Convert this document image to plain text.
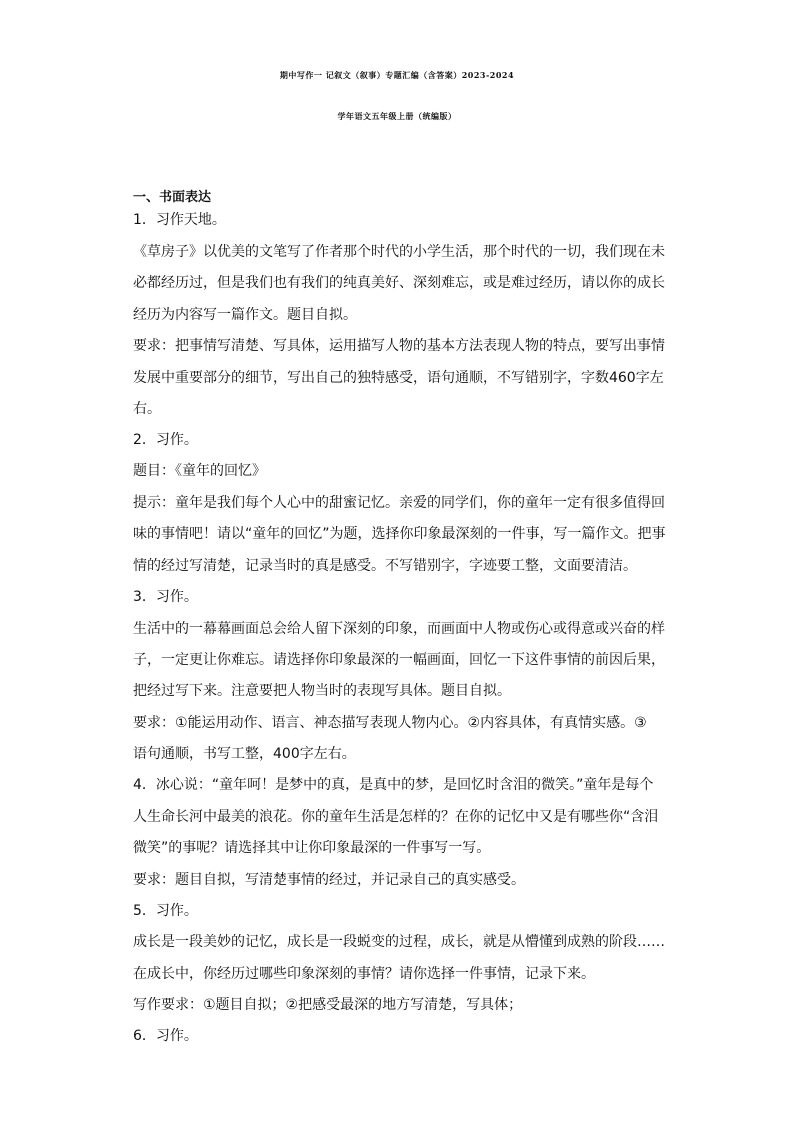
期中写作一 记叙文（叙事）专题汇编（含答案）2023-2024
学年语文五年级上册（统编版）
一、书面表达
1．习作天地。
《草房子》以优美的文笔写了作者那个时代的小学生活，那个时代的一切，我们现在未
必都经历过，但是我们也有我们的纯真美好、深刻难忘，或是难过经历，请以你的成长
经历为内容写一篇作文。题目自拟。
要求：把事情写清楚、写具体，运用描写人物的基本方法表现人物的特点，要写出事情
发展中重要部分的细节，写出自己的独特感受，语句通顺，不写错别字，字数460字左
右。
2．习作。
题目：《童年的回忆》
提示：童年是我们每个人心中的甜蜜记忆。亲爱的同学们，你的童年一定有很多值得回
味的事情吧！请以“童年的回忆”为题，选择你印象最深刻的一件事，写一篇作文。把事
情的经过写清楚，记录当时的真是感受。不写错别字，字迹要工整，文面要清洁。
3．习作。
生活中的一幕幕画面总会给人留下深刻的印象，而画面中人物或伤心或得意或兴奋的样
子，一定更让你难忘。请选择你印象最深的一幅画面，回忆一下这件事情的前因后果，
把经过写下来。注意要把人物当时的表现写具体。题目自拟。
要求：①能运用动作、语言、神态描写表现人物内心。②内容具体，有真情实感。③
语句通顺，书写工整，400字左右。
4．冰心说：“童年呵！是梦中的真，是真中的梦，是回忆时含泪的微笑。”童年是每个
人生命长河中最美的浪花。你的童年生活是怎样的？在你的记忆中又是有哪些你“含泪
微笑”的事呢？请选择其中让你印象最深的一件事写一写。
要求：题目自拟，写清楚事情的经过，并记录自己的真实感受。
5．习作。
成长是一段美妙的记忆，成长是一段蜕变的过程，成长，就是从懵懂到成熟的阶段……
在成长中，你经历过哪些印象深刻的事情？请你选择一件事情，记录下来。
写作要求：①题目自拟；②把感受最深的地方写清楚，写具体；
6．习作。
